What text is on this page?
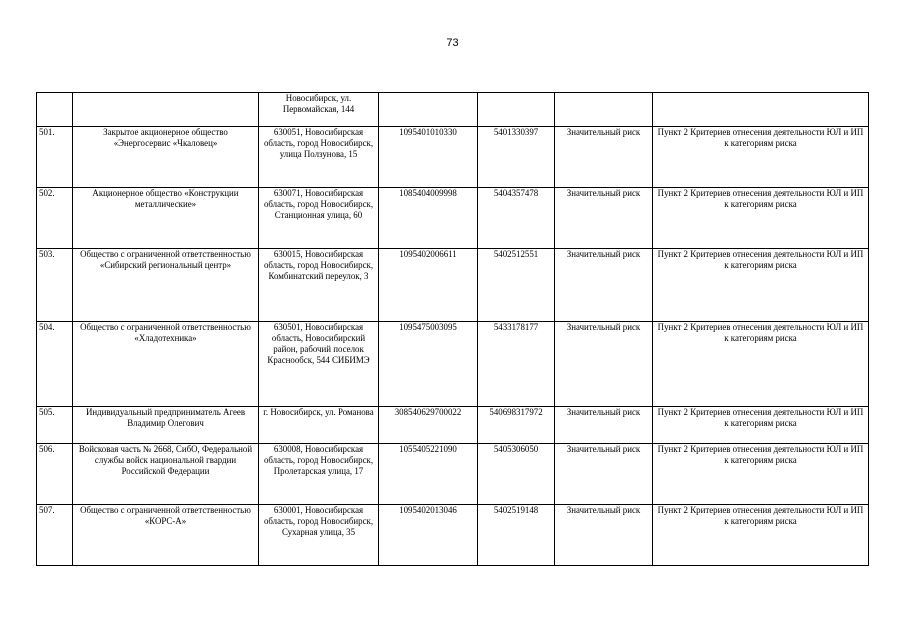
73
		Новосибирск, ул. Первомайская, 144				
501.	Закрытое акционерное общество «Энергосервис «Чкаловец»	630051, Новосибирская область, город Новосибирск, улица Ползунова, 15	1095401010330	5401330397	Значительный риск	Пункт 2 Критериев отнесения деятельности ЮЛ и ИП к категориям риска
502.	Акционерное общество «Конструкции металлические»	630071, Новосибирская область, город Новосибирск, Станционная улица, 60	1085404009998	5404357478	Значительный риск	Пункт 2 Критериев отнесения деятельности ЮЛ и ИП к категориям риска
503.	Общество с ограниченной ответственностью «Сибирский региональный центр»	630015, Новосибирская область, город Новосибирск, Комбинатский переулок, 3	1095402006611	5402512551	Значительный риск	Пункт 2 Критериев отнесения деятельности ЮЛ и ИП к категориям риска
504.	Общество с ограниченной ответственностью «Хладотехника»	630501, Новосибирская область, Новосибирский район, рабочий поселок Краснообск, 544 СИБИМЭ	1095475003095	5433178177	Значительный риск	Пункт 2 Критериев отнесения деятельности ЮЛ и ИП к категориям риска
505.	Индивидуальный предприниматель Агеев Владимир Олегович	г. Новосибирск, ул. Романова	308540629700022	540698317972	Значительный риск	Пункт 2 Критериев отнесения деятельности ЮЛ и ИП к категориям риска
506.	Войсковая часть № 2668, СибО, Федеральной службы войск национальной гвардии Российской Федерации	630008, Новосибирская область, город Новосибирск, Пролетарская улица, 17	1055405221090	5405306050	Значительный риск	Пункт 2 Критериев отнесения деятельности ЮЛ и ИП к категориям риска
507.	Общество с ограниченной ответственностью «КОРС-А»	630001, Новосибирская область, город Новосибирск, Сухарная улица, 35	1095402013046	5402519148	Значительный риск	Пункт 2 Критериев отнесения деятельности ЮЛ и ИП к категориям риска
